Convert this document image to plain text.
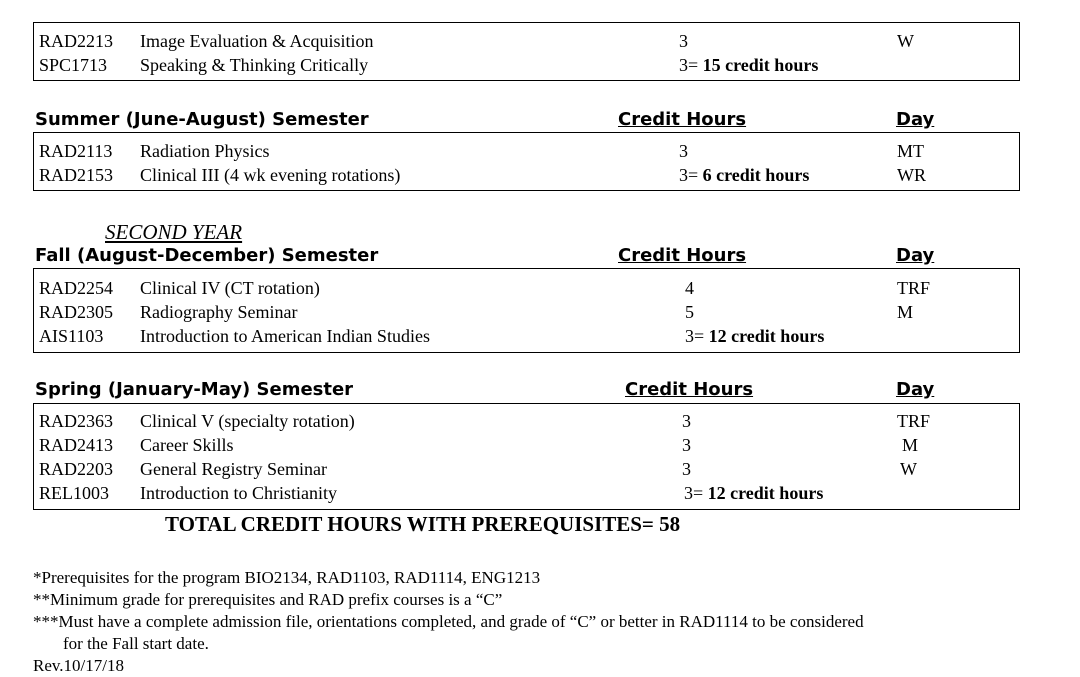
RAD2213 Image Evaluation & Acquisition	3	W
SPC1713 Speaking & Thinking Critically	3= 15 credit hours
Summer (June-August) Semester	Credit Hours	Day
RAD2113 Radiation Physics	3	MT
RAD2153 Clinical III (4 wk evening rotations)	3= 6 credit hours	WR
SECOND YEAR
Fall (August-December) Semester	Credit Hours	Day
RAD2254 Clinical IV (CT rotation)	4	TRF
RAD2305 Radiography Seminar	5	M
AIS1103 Introduction to American Indian Studies	3= 12 credit hours
Spring (January-May) Semester	Credit Hours	Day
RAD2363 Clinical V (specialty rotation)	3	TRF
RAD2413 Career Skills	3	M
RAD2203 General Registry Seminar	3	W
REL1003 Introduction to Christianity	3= 12 credit hours
TOTAL CREDIT HOURS WITH PREREQUISITES= 58
*Prerequisites for the program BIO2134, RAD1103, RAD1114, ENG1213
**Minimum grade for prerequisites and RAD prefix courses is a “C”
***Must have a complete admission file, orientations completed, and grade of “C” or better in RAD1114 to be considered
for the Fall start date.
Rev.10/17/18
